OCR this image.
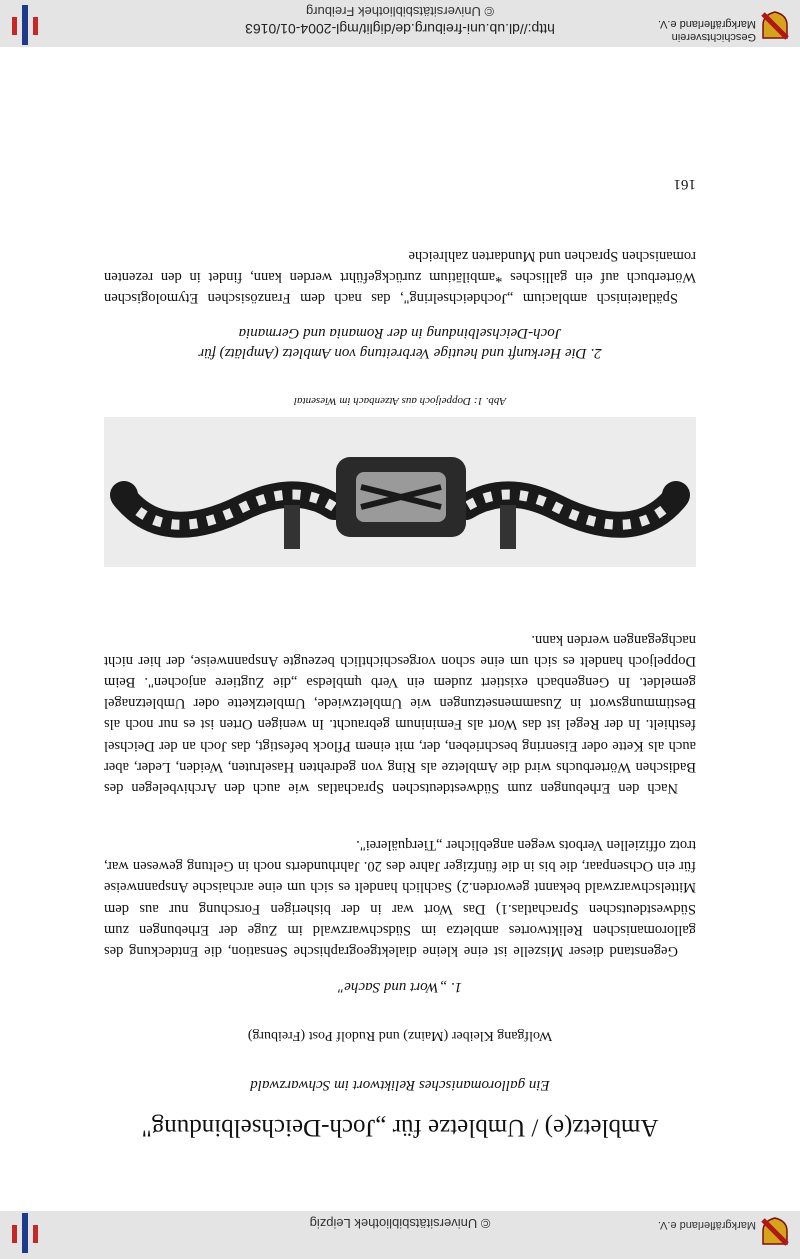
Markgräflerland e.V.
© Universitätsbibliothek Leipzig
Ambletz(e) / Umbletze für „Joch-Deichselbindung"
Ein galloromanisches Reliktwort im Schwarzwald
Wolfgang Kleiber (Mainz) und Rudolf Post (Freiburg)
1. „Wort und Sache"

Gegenstand dieser Miszelle ist eine kleine dialektgeographische Sensation, die Entdeckung des galloromanischen Reliktwortes ambletzə im Südschwarzwald im Zuge der Erhebungen zum Südwestdeutschen Sprachatlas.1) Das Wort war in der bisherigen Forschung nur aus dem Mittelschwarzwald bekannt geworden.2) Sachlich handelt es sich um eine archaische Anspannweise für ein Ochsenpaar, die bis in die fünfziger Jahre des 20. Jahrhunderts noch in Geltung gewesen war, trotz offiziellen Verbots wegen angeblicher „Tierquälerei".

Nach den Erhebungen zum Südwestdeutschen Sprachatlas wie auch den Archivbelegen des Badischen Wörterbuchs wird die Ambletze als Ring von gedrehten Haselruten, Weiden, Leder, aber auch als Kette oder Eisenring beschrieben, der, mit einem Pflock befestigt, das Joch an der Deichsel festhielt. In der Regel ist das Wort als Femininum gebraucht. In wenigen Orten ist es nur noch als Bestimmungswort in Zusammensetzungen wie Umbletzwiede, Umbletzkette oder Umbletznagel gemeldet. In Gengenbach existiert zudem ein Verb ųmbledsə „die Zugtiere anjochen". Beim Doppeljoch handelt es sich um eine schon vorgeschichtlich bezeugte Anspannweise, der hier nicht nachgegangen werden kann.

Abb. 1: Doppeljoch aus Atzenbach im Wiesental
2. Die Herkunft und heutige Verbreitung von Ambletz (Amplätz) für
Joch-Deichselbindung in der Romania und Germania

Spätlateinisch amblacium „Jochdeichselring", das nach dem Französischen Etymologischen Wörterbuch auf ein gallisches *ambilātium zurückgeführt werden kann, findet in den rezenten romanischen Sprachen und Mundarten zahlreiche

161
Geschichtsverein
Markgräflerland e.V.
http://dl.ub.uni-freiburg.de/diglit/mgl-2004-01/0163
© Universitätsbibliothek Freiburg
